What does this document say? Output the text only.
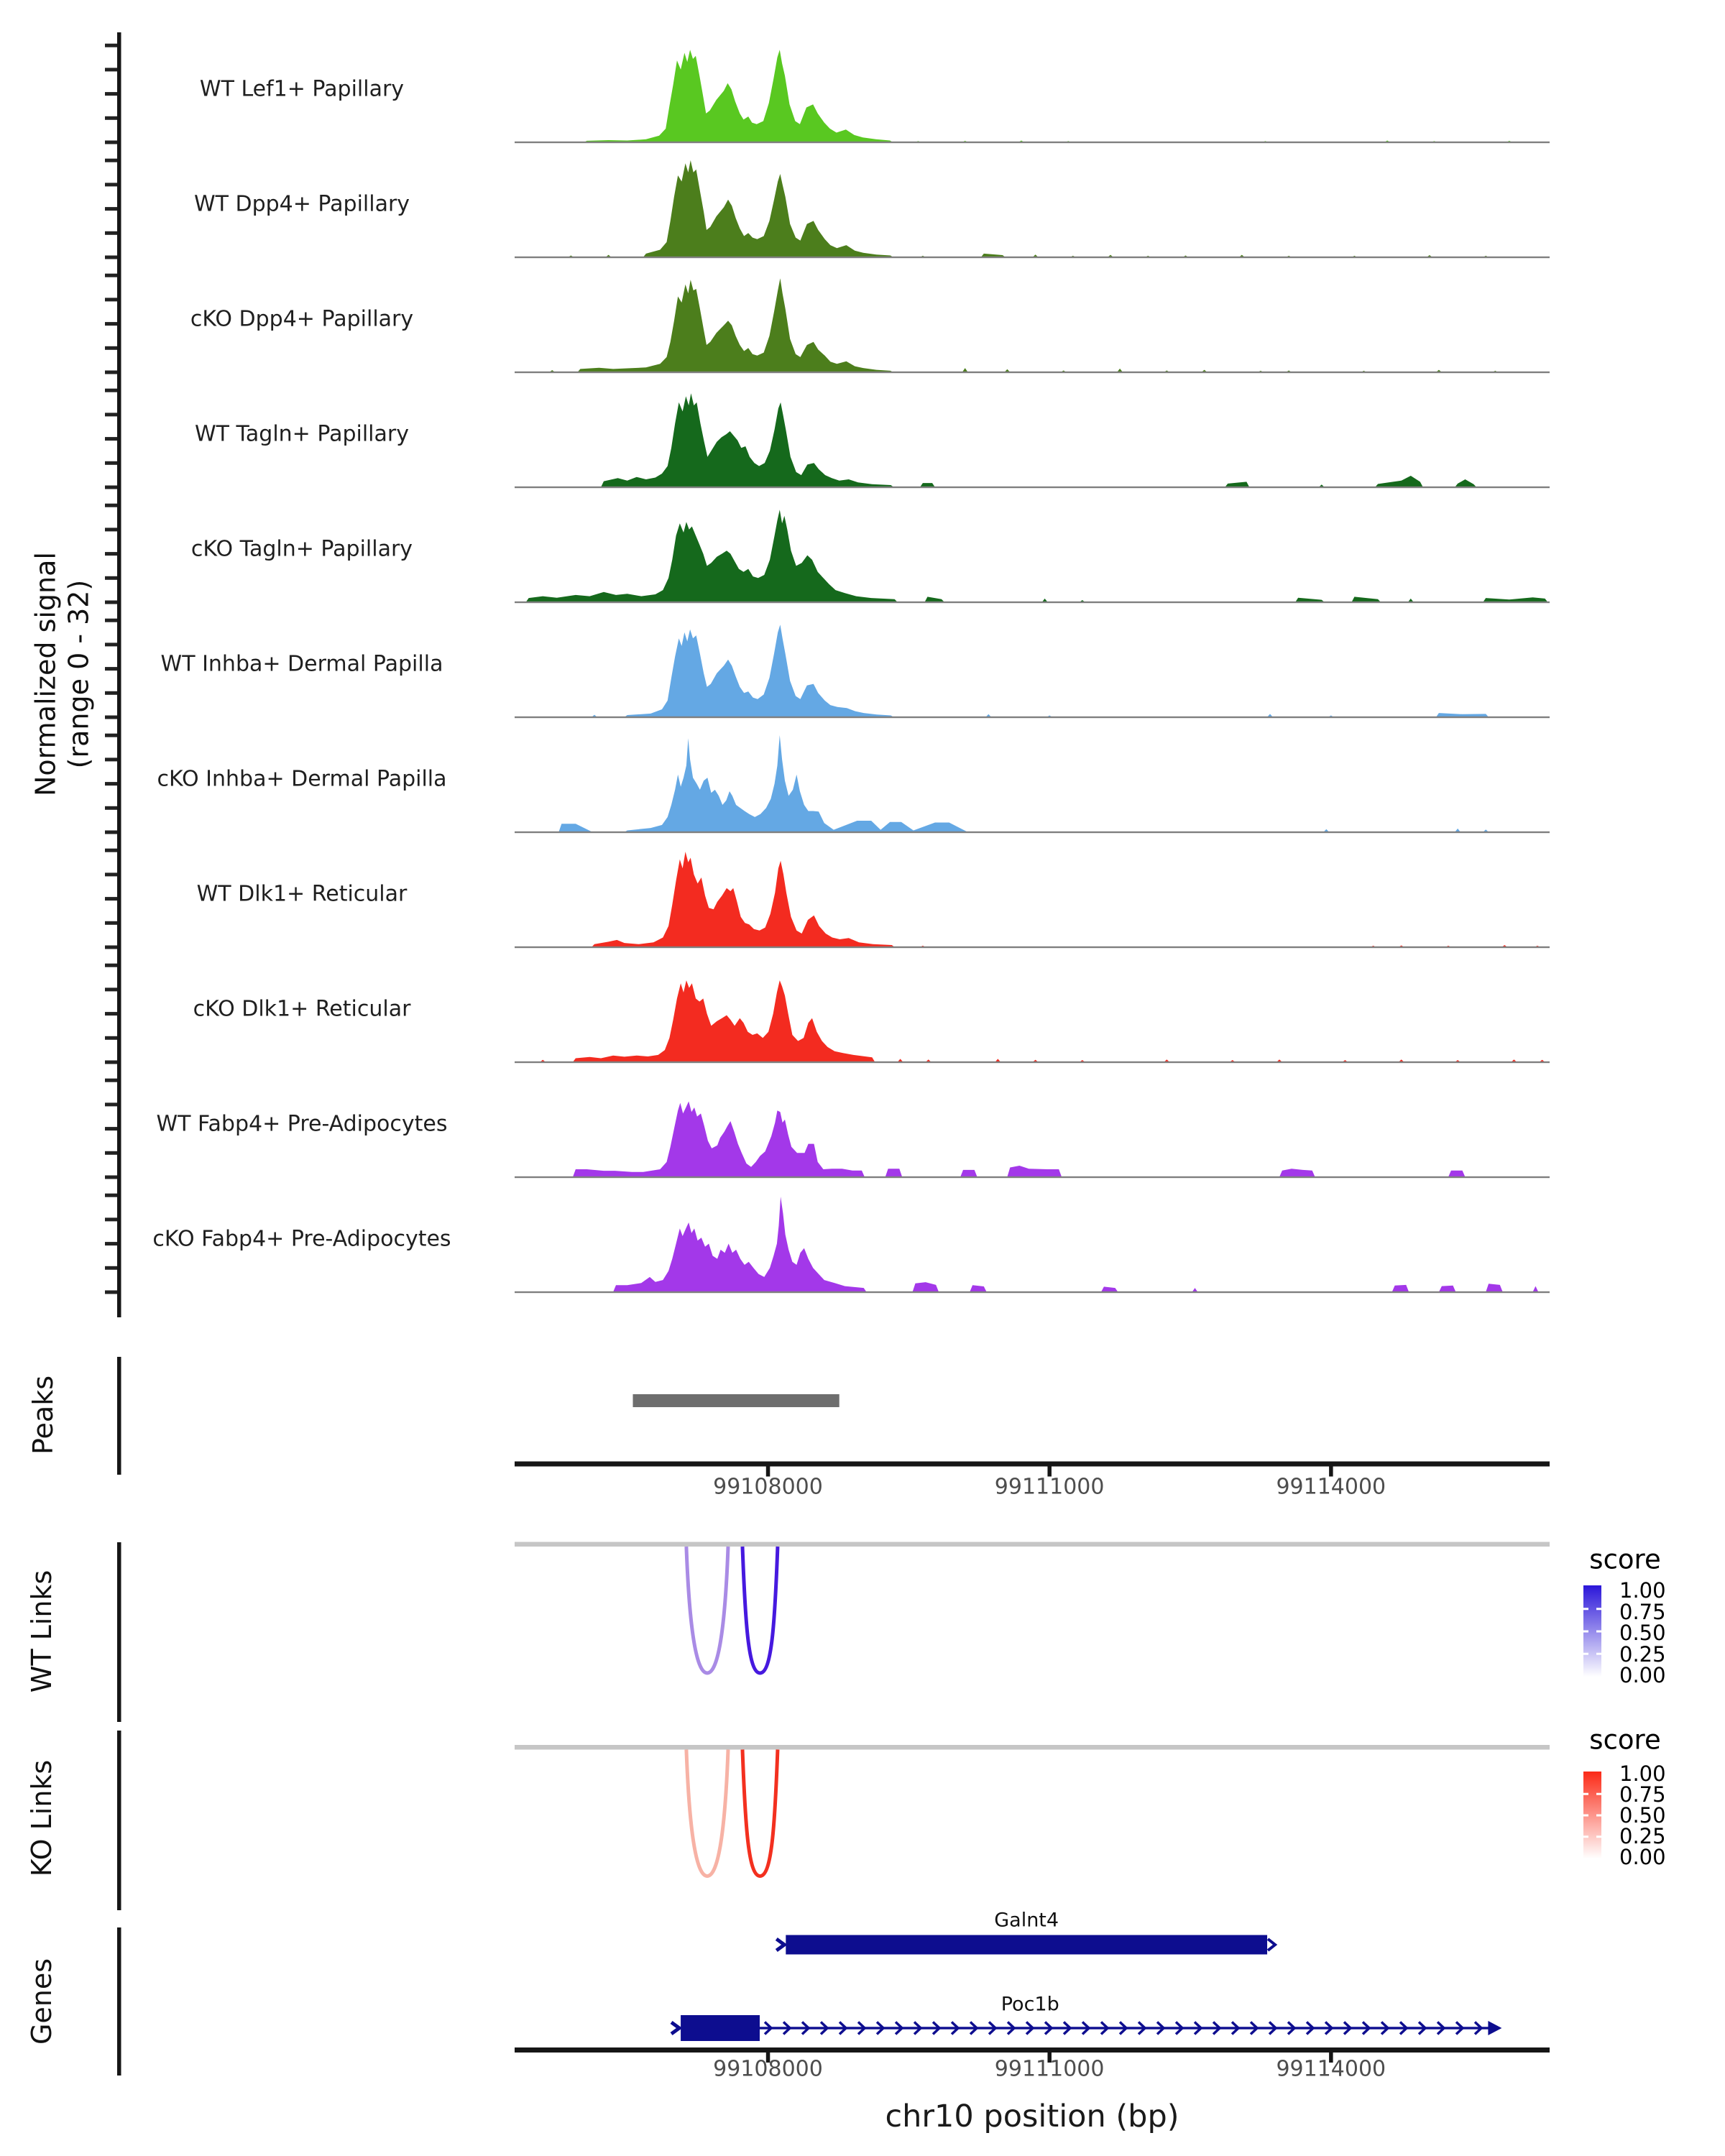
Normalized signal (range 0 - 32)
Peaks
WT Links
KO Links
Genes
score
score
chr10 position (bp)
WT Lef1+ Papillary
WT Dpp4+ Papillary
cKO Dpp4+ Papillary
WT Tagln+ Papillary
cKO Tagln+ Papillary
WT Inhba+ Dermal Papilla
cKO Inhba+ Dermal Papilla
WT Dlk1+ Reticular
cKO Dlk1+ Reticular
WT Fabp4+ Pre-Adipocytes
cKO Fabp4+ Pre-Adipocytes
99108000	99111000	99114000
99108000	99111000	99114000
1.00
0.75
0.50
0.25
0.00
1.00
0.75
0.50
0.25
0.00
Galnt4
Poc1b
